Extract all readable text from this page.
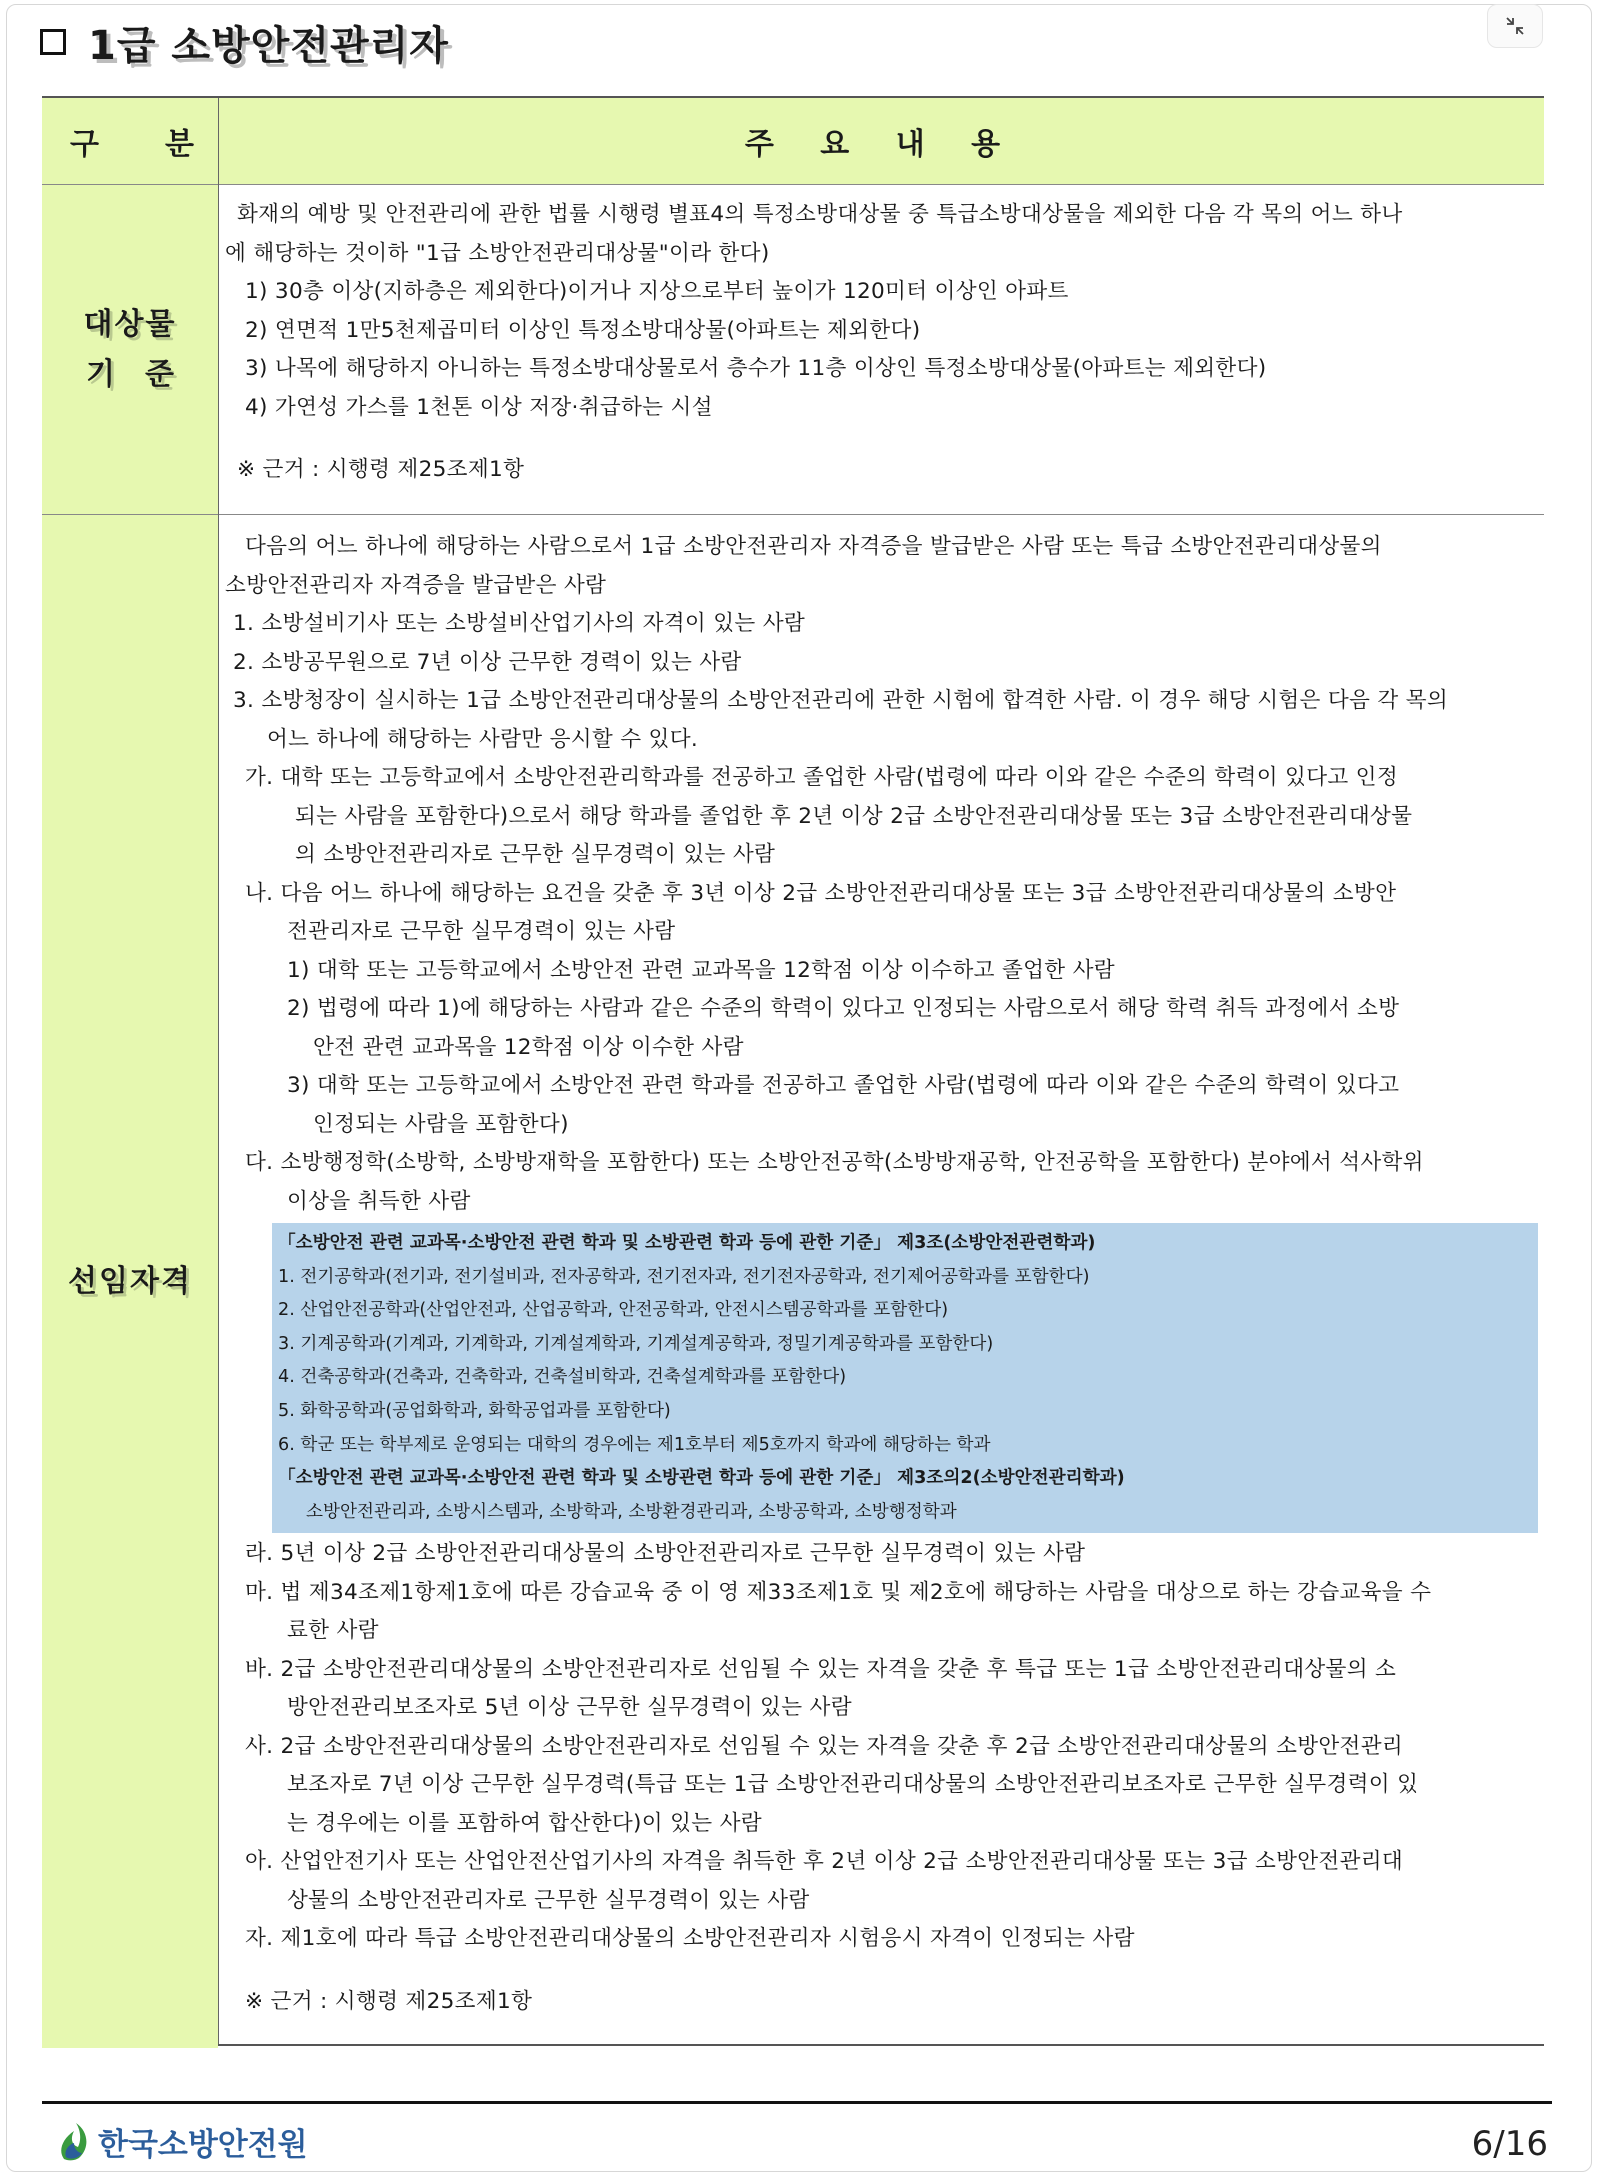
1급 소방안전관리자
구 분	주 요 내 용
대상물
기준

화재의 예방 및 안전관리에 관한 법률 시행령 별표4의 특정소방대상물 중 특급소방대상물을 제외한 다음 각 목의 어느 하나

에 해당하는 것이하 "1급 소방안전관리대상물"이라 한다)

1) 30층 이상(지하층은 제외한다)이거나 지상으로부터 높이가 120미터 이상인 아파트

2) 연면적 1만5천제곱미터 이상인 특정소방대상물(아파트는 제외한다)

3) 나목에 해당하지 아니하는 특정소방대상물로서 층수가 11층 이상인 특정소방대상물(아파트는 제외한다)

4) 가연성 가스를 1천톤 이상 저장·취급하는 시설

※ 근거 : 시행령 제25조제1항

선임자격

다음의 어느 하나에 해당하는 사람으로서 1급 소방안전관리자 자격증을 발급받은 사람 또는 특급 소방안전관리대상물의

소방안전관리자 자격증을 발급받은 사람

1. 소방설비기사 또는 소방설비산업기사의 자격이 있는 사람

2. 소방공무원으로 7년 이상 근무한 경력이 있는 사람

3. 소방청장이 실시하는 1급 소방안전관리대상물의 소방안전관리에 관한 시험에 합격한 사람. 이 경우 해당 시험은 다음 각 목의

어느 하나에 해당하는 사람만 응시할 수 있다.

가. 대학 또는 고등학교에서 소방안전관리학과를 전공하고 졸업한 사람(법령에 따라 이와 같은 수준의 학력이 있다고 인정

되는 사람을 포함한다)으로서 해당 학과를 졸업한 후 2년 이상 2급 소방안전관리대상물 또는 3급 소방안전관리대상물

의 소방안전관리자로 근무한 실무경력이 있는 사람

나. 다음 어느 하나에 해당하는 요건을 갖춘 후 3년 이상 2급 소방안전관리대상물 또는 3급 소방안전관리대상물의 소방안

전관리자로 근무한 실무경력이 있는 사람

1) 대학 또는 고등학교에서 소방안전 관련 교과목을 12학점 이상 이수하고 졸업한 사람

2) 법령에 따라 1)에 해당하는 사람과 같은 수준의 학력이 있다고 인정되는 사람으로서 해당 학력 취득 과정에서 소방

안전 관련 교과목을 12학점 이상 이수한 사람

3) 대학 또는 고등학교에서 소방안전 관련 학과를 전공하고 졸업한 사람(법령에 따라 이와 같은 수준의 학력이 있다고

인정되는 사람을 포함한다)

다. 소방행정학(소방학, 소방방재학을 포함한다) 또는 소방안전공학(소방방재공학, 안전공학을 포함한다) 분야에서 석사학위

이상을 취득한 사람

「소방안전 관련 교과목·소방안전 관련 학과 및 소방관련 학과 등에 관한 기준」 제3조(소방안전관련학과)
1. 전기공학과(전기과, 전기설비과, 전자공학과, 전기전자과, 전기전자공학과, 전기제어공학과를 포함한다)
2. 산업안전공학과(산업안전과, 산업공학과, 안전공학과, 안전시스템공학과를 포함한다)
3. 기계공학과(기계과, 기계학과, 기계설계학과, 기계설계공학과, 정밀기계공학과를 포함한다)
4. 건축공학과(건축과, 건축학과, 건축설비학과, 건축설계학과를 포함한다)
5. 화학공학과(공업화학과, 화학공업과를 포함한다)
6. 학군 또는 학부제로 운영되는 대학의 경우에는 제1호부터 제5호까지 학과에 해당하는 학과
「소방안전 관련 교과목·소방안전 관련 학과 및 소방관련 학과 등에 관한 기준」 제3조의2(소방안전관리학과)
소방안전관리과, 소방시스템과, 소방학과, 소방환경관리과, 소방공학과, 소방행정학과

라. 5년 이상 2급 소방안전관리대상물의 소방안전관리자로 근무한 실무경력이 있는 사람

마. 법 제34조제1항제1호에 따른 강습교육 중 이 영 제33조제1호 및 제2호에 해당하는 사람을 대상으로 하는 강습교육을 수

료한 사람

바. 2급 소방안전관리대상물의 소방안전관리자로 선임될 수 있는 자격을 갖춘 후 특급 또는 1급 소방안전관리대상물의 소

방안전관리보조자로 5년 이상 근무한 실무경력이 있는 사람

사. 2급 소방안전관리대상물의 소방안전관리자로 선임될 수 있는 자격을 갖춘 후 2급 소방안전관리대상물의 소방안전관리

보조자로 7년 이상 근무한 실무경력(특급 또는 1급 소방안전관리대상물의 소방안전관리보조자로 근무한 실무경력이 있

는 경우에는 이를 포함하여 합산한다)이 있는 사람

아. 산업안전기사 또는 산업안전산업기사의 자격을 취득한 후 2년 이상 2급 소방안전관리대상물 또는 3급 소방안전관리대

상물의 소방안전관리자로 근무한 실무경력이 있는 사람

자. 제1호에 따라 특급 소방안전관리대상물의 소방안전관리자 시험응시 자격이 인정되는 사람

※ 근거 : 시행령 제25조제1항

한국소방안전원	6/16
